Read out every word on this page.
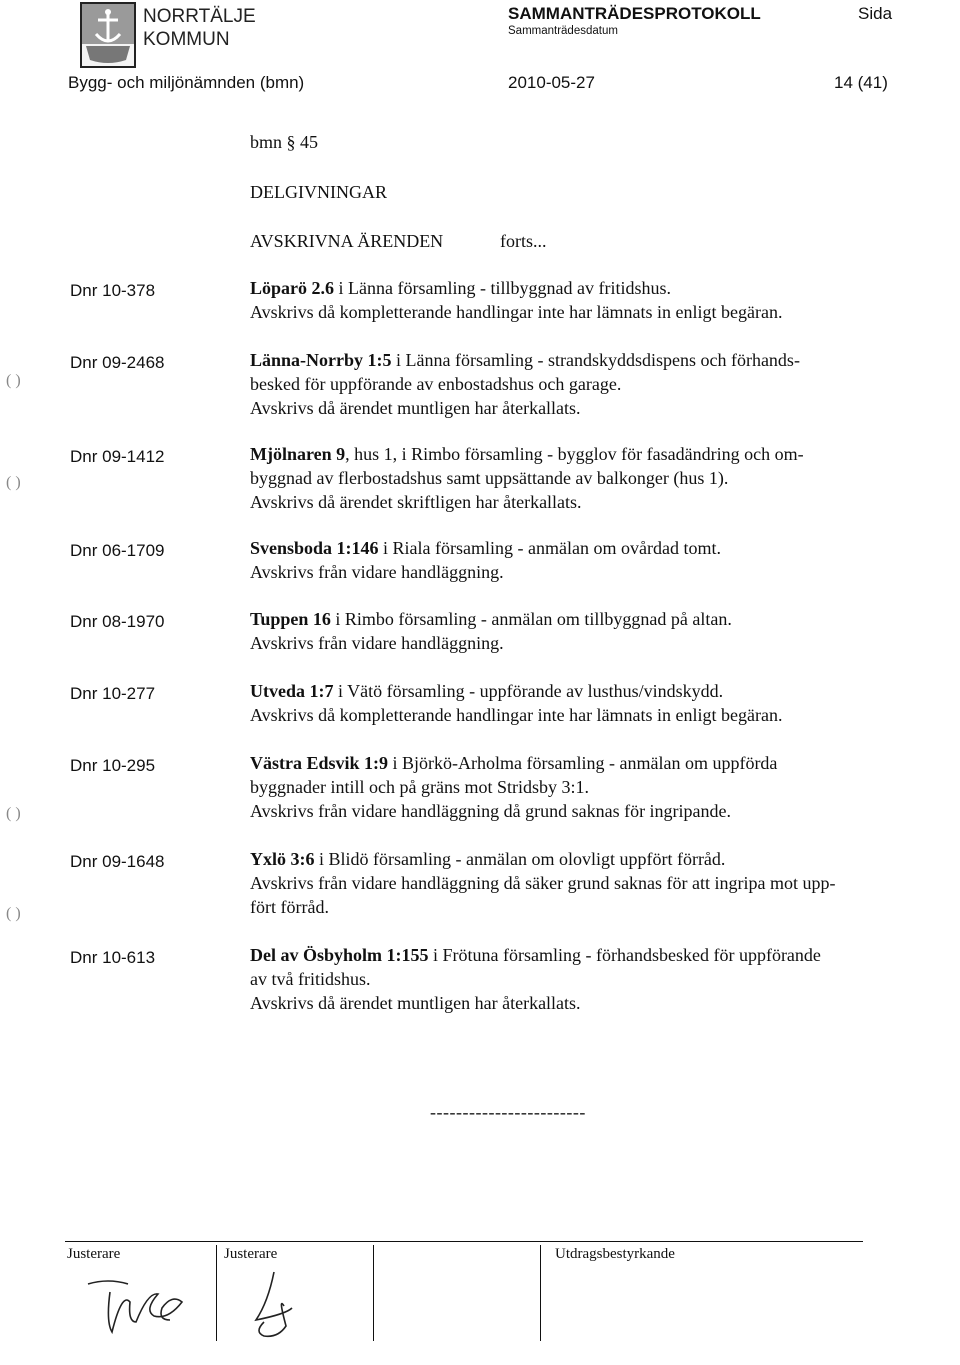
NORRTÄLJE
KOMMUN
SAMMANTRÄDESPROTOKOLL
Sammanträdesdatum
Sida
Bygg- och miljönämnden (bmn)	2010-05-27	14 (41)
bmn § 45
DELGIVNINGAR
AVSKRIVNA ÄRENDEN	forts...
Dnr 10-378	Löparö 2.6 i Länna församling - tillbyggnad av fritidshus.
Avskrivs då kompletterande handlingar inte har lämnats in enligt begäran.
Dnr 09-2468	Länna-Norrby 1:5 i Länna församling - strandskyddsdispens och förhands-
besked för uppförande av enbostadshus och garage.
Avskrivs då ärendet muntligen har återkallats.
Dnr 09-1412	Mjölnaren 9, hus 1, i Rimbo församling - bygglov för fasadändring och om-
byggnad av flerbostadshus samt uppsättande av balkonger (hus 1).
Avskrivs då ärendet skriftligen har återkallats.
Dnr 06-1709	Svensboda 1:146 i Riala församling - anmälan om ovårdad tomt.
Avskrivs från vidare handläggning.
Dnr 08-1970	Tuppen 16 i Rimbo församling - anmälan om tillbyggnad på altan.
Avskrivs från vidare handläggning.
Dnr 10-277	Utveda 1:7 i Vätö församling - uppförande av lusthus/vindskydd.
Avskrivs då kompletterande handlingar inte har lämnats in enligt begäran.
Dnr 10-295	Västra Edsvik 1:9 i Björkö-Arholma församling - anmälan om uppförda
byggnader intill och på gräns mot Stridsby 3:1.
Avskrivs från vidare handläggning då grund saknas för ingripande.
Dnr 09-1648	Yxlö 3:6 i Blidö församling - anmälan om olovligt uppfört förråd.
Avskrivs från vidare handläggning då säker grund saknas för att ingripa mot upp-
fört förråd.
Dnr 10-613	Del av Ösbyholm 1:155 i Frötuna församling - förhandsbesked för uppförande
av två fritidshus.
Avskrivs då ärendet muntligen har återkallats.
( )
( )
( )
( )
------------------------
Justerare	Justerare	Utdragsbestyrkande
